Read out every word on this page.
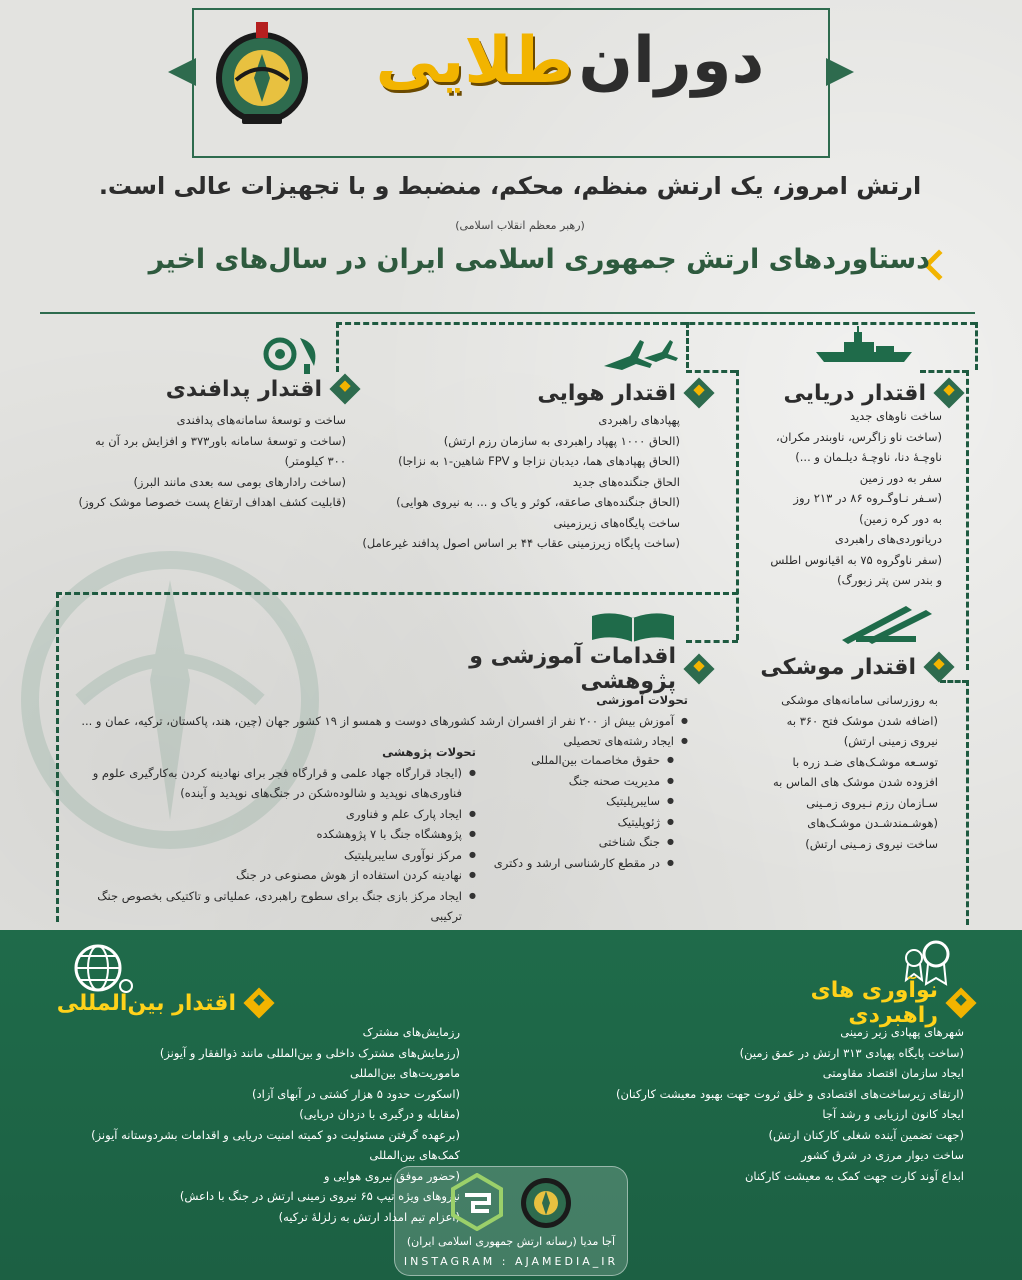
دوران طلایی
ارتش امروز، یک ارتش منظم، محکم، منضبط و با تجهیزات عالی است.
(رهبر معظم انقلاب اسلامی)
دستاوردهای ارتش جمهوری اسلامی ایران در سال‌های اخیر
اقتدار دریایی
ساخت ناوهای جدید
(ساخت ناو زاگرس، ناوبندر مکران،
ناوچـۀ دنا، ناوچـۀ دیلـمان و ...)
سفر به دور زمین
(سـفر نـاوگـروه ۸۶ در ۲۱۳ روز
به دور کره زمین)
دریانوردی‌های راهبردی
(سفر ناوگروه ۷۵ به اقیانوس اطلس
و بندر سن پتر زبورگ)
اقتدار هوایی
پهپادهای راهبردی
(الحاق ۱۰۰۰ پهپاد راهبردی به سازمان رزم ارتش)
(الحاق پهپادهای هما، دیدبان نزاجا و FPV شاهین-۱ به نزاجا)
الحاق جنگنده‌های جدید
(الحاق جنگنده‌های صاعقه، کوثر و یاک و ... به نیروی هوایی)
ساخت پایگاه‌های زیرزمینی
(ساخت پایگاه زیرزمینی عقاب ۴۴ بر اساس اصول پدافند غیرعامل)
اقتدار پدافندی
ساخت و توسعهٔ سامانه‌های پدافندی
(ساخت و توسعهٔ سامانه باور۳۷۳ و افزایش برد آن به
۳۰۰ کیلومتر)
(ساخت رادارهای بومی سه بعدی مانند البرز)
(قابلیت کشف اهداف ارتفاع پست خصوصا موشک کروز)
اقتدار موشکی
به روزرسانی سامانه‌های موشکی
(اضافه شدن موشک فتح ۳۶۰ به
نیروی زمینی ارتش)
توسـعه موشـک‌های ضـد زره با
افزوده شدن موشک های الماس به
سـازمان رزم نـیروی زمـینی
(هوشـمندشـدن موشـک‌های
ساخت نیروی زمـینی ارتش)
اقدامات آموزشی و پژوهشی
تحولات آموزشی
● آموزش بیش از ۲۰۰ نفر از افسران ارشد کشورهای دوست و همسو از ۱۹ کشور جهان (چین، هند، پاکستان، ترکیه، عمان و ...
● ایجاد رشته‌های تحصیلی
● حقوق مخاصمات بین‌المللی
● مدیریت صحنه جنگ
● سایبرپلیتیک
● ژئوپلیتیک
● جنگ شناختی
● در مقطع کارشناسی ارشد و دکتری
تحولات پژوهشی
● (ایجاد قرارگاه جهاد علمی و قرارگاه فجر برای نهادینه کردن به‌کارگیری علوم و فناوری‌های نوپدید و شالوده‌شکن در جنگ‌های نوپدید و آینده)
● ایجاد پارک علم و فناوری
● پژوهشگاه جنگ با ۷ پژوهشکده
● مرکز نوآوری سایبرپلیتیک
● نهادینه کردن استفاده از هوش مصنوعی در جنگ
● ایجاد مرکز بازی جنگ برای سطوح راهبردی، عملیاتی و تاکتیکی بخصوص جنگ ترکیبی
اقتدار بین‌المللی
رزمایش‌های مشترک
(رزمایش‌های مشترک داخلی و بین‌المللی مانند ذوالفقار و آیونز)
ماموریت‌های بین‌المللی
(اسکورت حدود ۵ هزار کشتی در آبهای آزاد)
(مقابله و درگیری با دزدان دریایی)
(برعهده گرفتن مسئولیت دو کمیته امنیت دریایی و اقدامات بشردوستانه آیونز)
کمک‌های بین‌المللی
(حضور موفق نیروی هوایی و
نیروهای ویژه تیپ ۶۵ نیروی زمینی ارتش در جنگ با داعش)
(اعزام تیم امداد ارتش به زلزلهٔ ترکیه)
نوآوری های راهبردی
شهرهای پهپادی زیر زمینی
(ساخت پایگاه پهپادی ۳۱۳ ارتش در عمق زمین)
ایجاد سازمان اقتصاد مقاومتی
(ارتقای زیرساخت‌های اقتصادی و خلق ثروت جهت بهبود معیشت کارکنان)
ایجاد کانون ارزیابی و رشد آجا
(جهت تضمین آینده شغلی کارکنان ارتش)
ساخت دیوار مرزی در شرق کشور
ابداع آوند کارت جهت کمک به معیشت کارکنان
آجا مدیا (رسانه ارتش جمهوری اسلامی ایران)
INSTAGRAM : AJAMEDIA_IR
